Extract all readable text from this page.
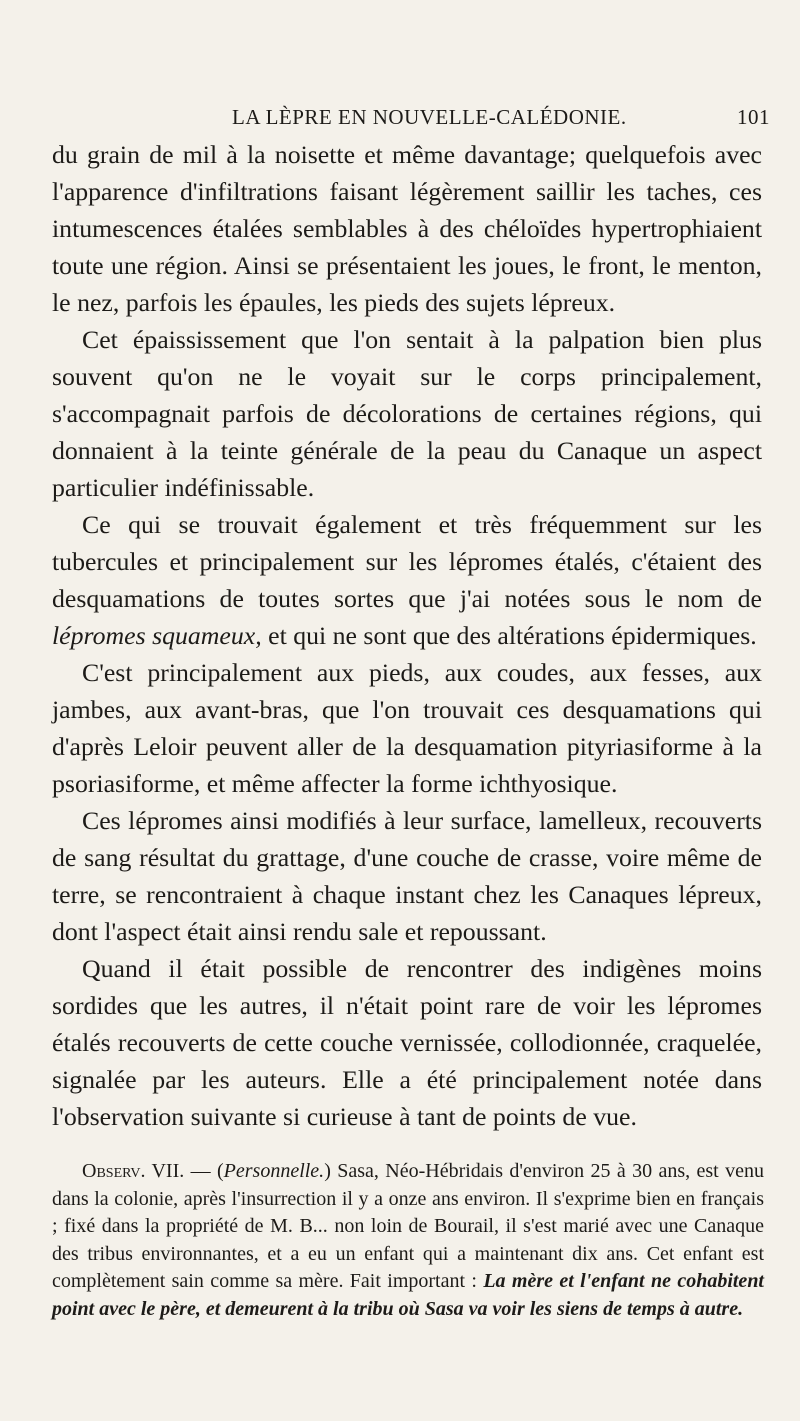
LA LÈPRE EN NOUVELLE-CALÉDONIE.	101

du grain de mil à la noisette et même davantage; quelquefois avec l'apparence d'infiltrations faisant légèrement saillir les taches, ces intumescences étalées semblables à des chéloïdes hypertrophiaient toute une région. Ainsi se présentaient les joues, le front, le menton, le nez, parfois les épaules, les pieds des sujets lépreux.

Cet épaississement que l'on sentait à la palpation bien plus souvent qu'on ne le voyait sur le corps principalement, s'accompagnait parfois de décolorations de certaines régions, qui donnaient à la teinte générale de la peau du Canaque un aspect particulier indéfinissable.

Ce qui se trouvait également et très fréquemment sur les tubercules et principalement sur les lépromes étalés, c'étaient des desquamations de toutes sortes que j'ai notées sous le nom de lépromes squameux, et qui ne sont que des altérations épidermiques.

C'est principalement aux pieds, aux coudes, aux fesses, aux jambes, aux avant-bras, que l'on trouvait ces desquamations qui d'après Leloir peuvent aller de la desquamation pityriasiforme à la psoriasiforme, et même affecter la forme ichthyosique.

Ces lépromes ainsi modifiés à leur surface, lamelleux, recouverts de sang résultat du grattage, d'une couche de crasse, voire même de terre, se rencontraient à chaque instant chez les Canaques lépreux, dont l'aspect était ainsi rendu sale et repoussant.

Quand il était possible de rencontrer des indigènes moins sordides que les autres, il n'était point rare de voir les lépromes étalés recouverts de cette couche vernissée, collodionnée, craquelée, signalée par les auteurs. Elle a été principalement notée dans l'observation suivante si curieuse à tant de points de vue.

Observ. VII. — (Personnelle.) Sasa, Néo-Hébridais d'environ 25 à 30 ans, est venu dans la colonie, après l'insurrection il y a onze ans environ. Il s'exprime bien en français ; fixé dans la propriété de M. B... non loin de Bourail, il s'est marié avec une Canaque des tribus environnantes, et a eu un enfant qui a maintenant dix ans. Cet enfant est complètement sain comme sa mère. Fait important : La mère et l'enfant ne cohabitent point avec le père, et demeurent à la tribu où Sasa va voir les siens de temps à autre.
